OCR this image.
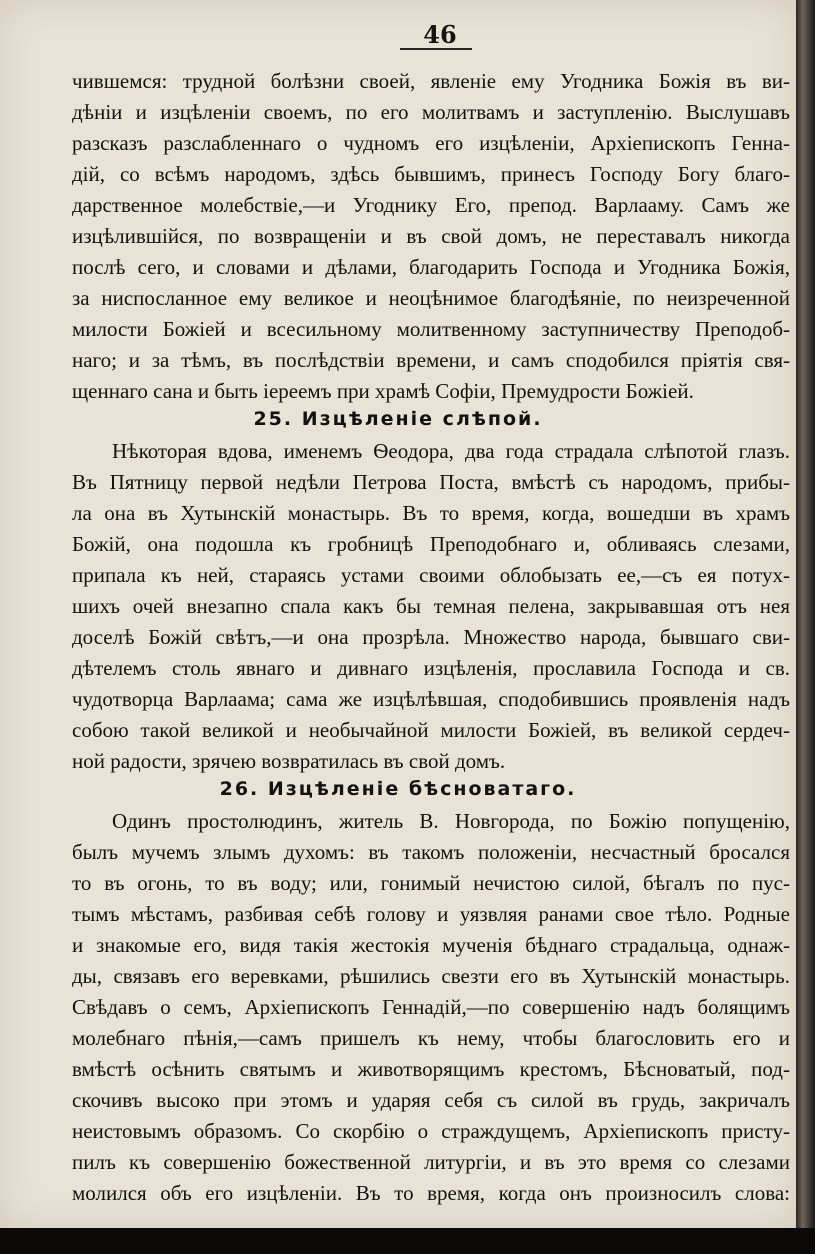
46
чившемся: трудной болѣзни своей, явленіе ему Угодника Божія въ ви-
дѣніи и изцѣленіи своемъ, по его молитвамъ и заступленію. Выслушавъ
разсказъ разслабленнаго о чудномъ его изцѣленіи, Архіепископъ Генна-
дій, со всѣмъ народомъ, здѣсь бывшимъ, принесъ Господу Богу благо-
дарственное молебствіе,—и Угоднику Его, препод. Варлааму. Самъ же
изцѣлившійся, по возвращеніи и въ свой домъ, не переставалъ никогда
послѣ сего, и словами и дѣлами, благодарить Господа и Угодника Божія,
за ниспосланное ему великое и неоцѣнимое благодѣяніе, по неизреченной
милости Божіей и всесильному молитвенному заступничеству Преподоб-
наго; и за тѣмъ, въ послѣдствіи времени, и самъ сподобился пріятія свя-
щеннаго сана и быть іереемъ при храмѣ Софіи, Премудрости Божіей.
25. Изцѣленіе слѣпой.
Нѣкоторая вдова, именемъ Ѳеодора, два года страдала слѣпотой глазъ.
Въ Пятницу первой недѣли Петрова Поста, вмѣстѣ съ народомъ, прибы-
ла она въ Хутынскій монастырь. Въ то время, когда, вошедши въ храмъ
Божій, она подошла къ гробницѣ Преподобнаго и, обливаясь слезами,
припала къ ней, стараясь устами своими облобызать ее,—съ ея потух-
шихъ очей внезапно спала какъ бы темная пелена, закрывавшая отъ нея
доселѣ Божій свѣтъ,—и она прозрѣла. Множество народа, бывшаго сви-
дѣтелемъ столь явнаго и дивнаго изцѣленія, прославила Господа и св.
чудотворца Варлаама; сама же изцѣлѣвшая, сподобившись проявленія надъ
собою такой великой и необычайной милости Божіей, въ великой сердеч-
ной радости, зрячею возвратилась въ свой домъ.
26. Изцѣленіе бѣсноватаго.
Одинъ простолюдинъ, житель В. Новгорода, по Божію попущенію,
былъ мучемъ злымъ духомъ: въ такомъ положеніи, несчастный бросался
то въ огонь, то въ воду; или, гонимый нечистою силой, бѣгалъ по пус-
тымъ мѣстамъ, разбивая себѣ голову и уязвляя ранами свое тѣло. Родные
и знакомые его, видя такія жестокія мученія бѣднаго страдальца, однаж-
ды, связавъ его веревками, рѣшились свезти его въ Хутынскій монастырь.
Свѣдавъ о семъ, Архіепископъ Геннадій,—по совершенію надъ болящимъ
молебнаго пѣнія,—самъ пришелъ къ нему, чтобы благословить его и
вмѣстѣ осѣнить святымъ и животворящимъ крестомъ, Бѣсноватый, под-
скочивъ высоко при этомъ и ударяя себя съ силой въ грудь, закричалъ
неистовымъ образомъ. Со скорбію о страждущемъ, Архіепископъ присту-
пилъ къ совершенію божественной литургіи, и въ это время со слезами
молился объ его изцѣленіи. Въ то время, когда онъ произносилъ слова:
